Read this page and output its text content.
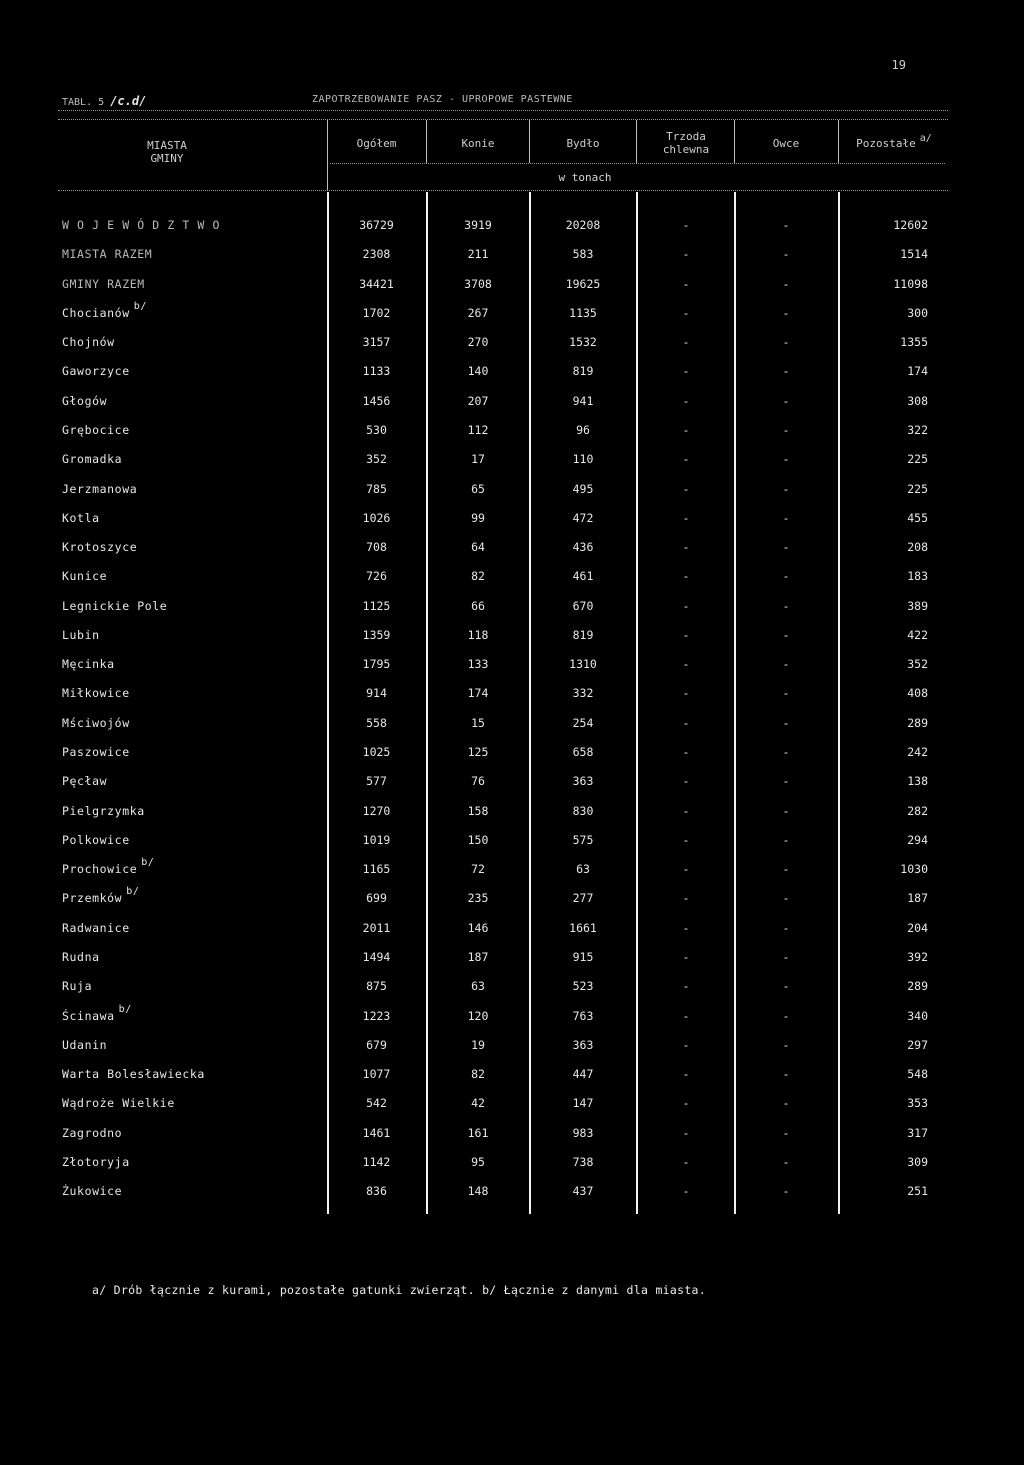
19
TABL. 5 /c.d/	ZAPOTRZEBOWANIE PASZ - UPROPOWE PASTEWNE
MIASTA
GMINY
Ogółem	Konie	Bydło
Trzoda
chlewna	Owce	Pozostałe a/
w tonach
W O J E W Ó D Z T W O	36729	3919	20208	-	-	12602
MIASTA RAZEM	2308	211	583	-	-	1514
GMINY RAZEM	34421	3708	19625	-	-	11098
Chocianów b/	1702	267	1135	-	-	300
Chojnów	3157	270	1532	-	-	1355
Gaworzyce	1133	140	819	-	-	174
Głogów	1456	207	941	-	-	308
Grębocice	530	112	96	-	-	322
Gromadka	352	17	110	-	-	225
Jerzmanowa	785	65	495	-	-	225
Kotla	1026	99	472	-	-	455
Krotoszyce	708	64	436	-	-	208
Kunice	726	82	461	-	-	183
Legnickie Pole	1125	66	670	-	-	389
Lubin	1359	118	819	-	-	422
Męcinka	1795	133	1310	-	-	352
Miłkowice	914	174	332	-	-	408
Mściwojów	558	15	254	-	-	289
Paszowice	1025	125	658	-	-	242
Pęcław	577	76	363	-	-	138
Pielgrzymka	1270	158	830	-	-	282
Polkowice	1019	150	575	-	-	294
Prochowice b/	1165	72	63	-	-	1030
Przemków b/	699	235	277	-	-	187
Radwanice	2011	146	1661	-	-	204
Rudna	1494	187	915	-	-	392
Ruja	875	63	523	-	-	289
Ścinawa b/	1223	120	763	-	-	340
Udanin	679	19	363	-	-	297
Warta Bolesławiecka	1077	82	447	-	-	548
Wądroże Wielkie	542	42	147	-	-	353
Zagrodno	1461	161	983	-	-	317
Złotoryja	1142	95	738	-	-	309
Żukowice	836	148	437	-	-	251
a/ Drób łącznie z kurami, pozostałe gatunki zwierząt. b/ Łącznie z danymi dla miasta.
